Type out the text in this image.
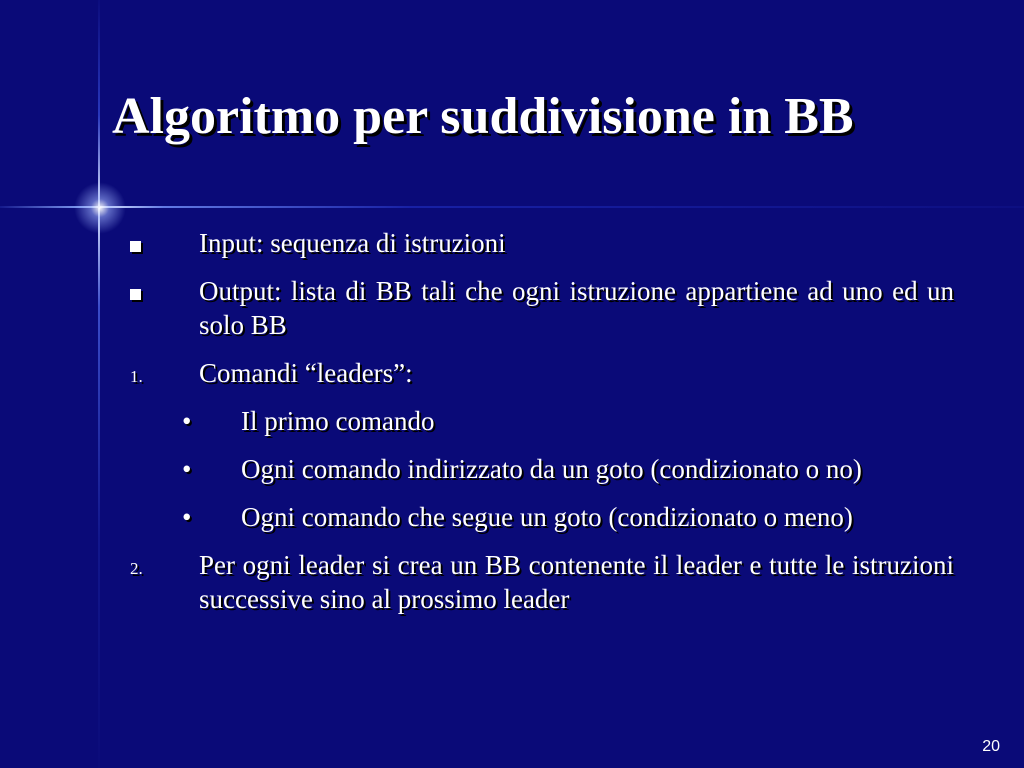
Algoritmo per suddivisione in BB
Input: sequenza di istruzioni
Output: lista di BB tali che ogni istruzione appartiene ad uno ed un solo BB
1. Comandi “leaders”:
• Il primo comando
• Ogni comando indirizzato da un goto (condizionato o no)
• Ogni comando che segue un goto (condizionato o meno)
2. Per ogni leader si crea un BB contenente il leader e tutte le istruzioni successive sino al prossimo leader
20
